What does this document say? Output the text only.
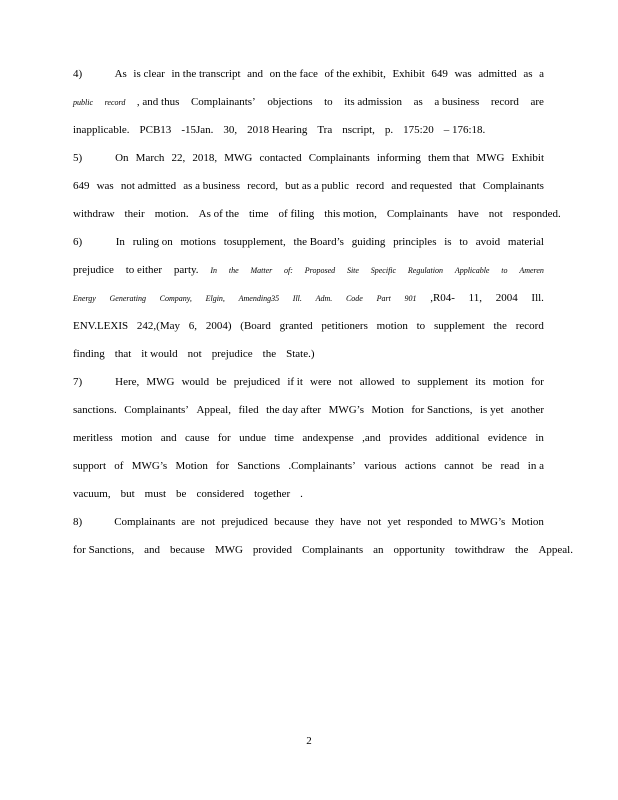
4)	As is clear in the transcript and on the face of the exhibit, Exhibit 649 was admitted as a
public record , and thus Complainants’ objections to its admission as a business record are
inapplicable. PCB13 -15Jan. 30, 2018 Hearing Tra nscript, p. 175:20 – 176:18.
5)	On March 22, 2018, MWG contacted Complainants informing them that MWG Exhibit
649 was not admitted as a business record, but as a public record and requested that Complainants
withdraw their motion. As of the time of filing this motion, Complainants have not responded.
6)	In ruling on motions tosupplement, the Board’s guiding principles is to avoid material
prejudice to either party. In the Matter of: Proposed Site Specific Regulation Applicable to Ameren
Energy Generating Company, Elgin, Amending35 Ill. Adm. Code Part 901 ,R04- 11, 2004 Ill.
ENV.LEXIS 242,(May 6, 2004) (Board granted petitioners motion to supplement the record
finding that it would not prejudice the State.)
7)	Here, MWG would be prejudiced if it were not allowed to supplement its motion for
sanctions. Complainants’ Appeal, filed the day after MWG’s Motion for Sanctions, is yet another
meritless motion and cause for undue time andexpense ,and provides additional evidence in
support of MWG’s Motion for Sanctions .Complainants’ various actions cannot be read in a
vacuum, but must be considered together .
8)	Complainants are not prejudiced because they have not yet responded to MWG’s Motion
for Sanctions, and because MWG provided Complainants an opportunity towithdraw the Appeal.
2
